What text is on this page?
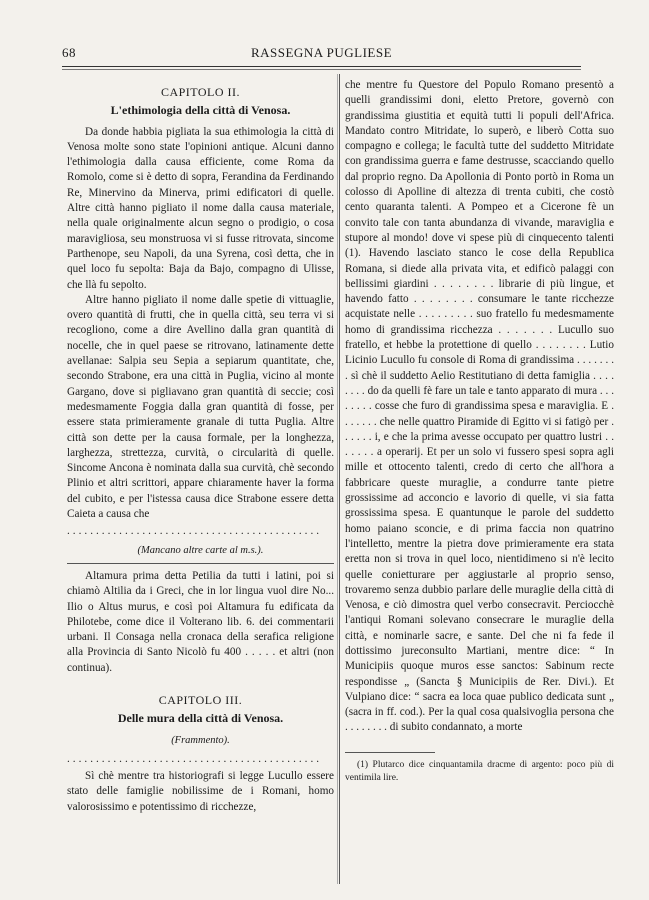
68	RASSEGNA PUGLIESE
CAPITOLO II.
L'ethimologia della città di Venosa.

Da donde habbia pigliata la sua ethimologia la città di Venosa molte sono state l'opinioni antique. Alcuni danno l'ethimologia dalla causa efficiente, come Roma da Romolo, come si è detto di sopra, Ferandina da Ferdinando Re, Minervino da Minerva, primi edificatori di quelle. Altre città hanno pigliato il nome dalla causa materiale, nella quale originalmente alcun segno o prodigio, o cosa maravigliosa, seu monstruosa vi si fusse ritrovata, sincome Parthenope, seu Napoli, da una Syrena, così detta, che in quel loco fu sepolta: Baja da Bajo, compagno di Ulisse, che llà fu sepolto.

Altre hanno pigliato il nome dalle spetie di vittuaglie, overo quantità di frutti, che in quella città, seu terra vi si recogliono, come a dire Avellino dalla gran quantità di nocelle, che in quel paese se ritrovano, latinamente dette avellanae: Salpia seu Sepia a sepiarum quantitate, che, secondo Strabone, era una città in Puglia, vicino al monte Gargano, dove si pigliavano gran quantità di seccie; così medesmamente Foggia dalla gran quantità di fosse, per essere stata primieramente granale di tutta Puglia. Altre città son dette per la causa formale, per la longhezza, larghezza, strettezza, curvità, o circularità di quelle. Sincome Ancona è nominata dalla sua curvità, chè secondo Plinio et altri scrittori, appare chiaramente haver la forma del cubito, e per l'istessa causa dice Strabone essere detta Caieta a causa che

............................................
(Mancano altre carte al m.s.).

Altamura prima detta Petilia da tutti i latini, poi si chiamò Altilia da i Greci, che in lor lingua vuol dire No... Ilio o Altus murus, e così poi Altamura fu edificata da Philotebe, come dice il Volterano lib. 6. dei commentarii urbani. Il Consaga nella cronaca della serafica religione alla Provincia di Santo Nicolò fu 400 . . . . . et altri (non continua).

CAPITOLO III.
Delle mura della città di Venosa.
(Frammento).
............................................

Sì chè mentre tra historiografi si legge Lucullo essere stato delle famiglie nobilissime de i Romani, homo valorosissimo e potentissimo di ricchezze,

che mentre fu Questore del Populo Romano presentò a quelli grandissimi doni, eletto Pretore, governò con grandissima giustitia et equità tutti li populi dell'Africa. Mandato contro Mitridate, lo superò, e liberò Cotta suo compagno e collega; le facultà tutte del suddetto Mitridate con grandissima guerra e fame destrusse, scacciando quello dal proprio regno. Da Apollonia di Ponto portò in Roma un colosso di Apolline di altezza di trenta cubiti, che costò cento quaranta talenti. A Pompeo et a Cicerone fè un convito tale con tanta abundanza di vivande, maraviglia e stupore al mondo! dove vi spese più di cinquecento talenti (1). Havendo lasciato stanco le cose della Republica Romana, si diede alla privata vita, et edificò palaggi con bellissimi giardini . . . . . . . . librarie di più lingue, et havendo fatto . . . . . . . . consumare le tante ricchezze acquistate nelle . . . . . . . . . suo fratello fu medesmamente homo di grandissima ricchezza . . . . . . . Lucullo suo fratello, et hebbe la protettione di quello . . . . . . . . Lutio Licinio Lucullo fu console di Roma di grandissima . . . . . . . . sì chè il suddetto Aelio Restitutiano di detta famiglia . . . . . . . . do da quelli fè fare un tale e tanto apparato di mura . . . . . . . . cosse che furo di grandissima spesa e maraviglia. E . . . . . . . che nelle quattro Piramide di Egitto vi si fatigò per . . . . . . i, e che la prima avesse occupato per quattro lustri . . . . . . . a operarij. Et per un solo vi fussero spesi sopra agli mille et ottocento talenti, credo di certo che all'hora a fabbricare queste muraglie, a condurre tante pietre grossissime ad acconcio e lavorio di quelle, vi sia fatta grossissima spesa. E quantunque le parole del suddetto homo paiano sconcie, e di prima faccia non quatrino l'intelletto, mentre la pietra dove primieramente era stata eretta non si trova in quel loco, nientidimeno si n'è lecito quelle conietturare per aggiustarle al proprio senso, trovaremo senza dubbio parlare delle muraglie della città di Venosa, e ciò dimostra quel verbo consecravit. Perciocchè l'antiqui Romani solevano consecrare le muraglie della città, e nominarle sacre, e sante. Del che ni fa fede il dottissimo jureconsulto Martiani, mentre dice: “ In Municipiis quoque muros esse sanctos: Sabinum recte respondisse „ (Sancta § Municipiis de Rer. Divi.). Et Vulpiano dice: “ sacra ea loca quae publico dedicata sunt „ (sacra in ff. cod.). Per la qual cosa qualsivoglia persona che . . . . . . . . di subito condannato, a morte

(1) Plutarco dice cinquantamila dracme di argento: poco più di ventimila lire.
